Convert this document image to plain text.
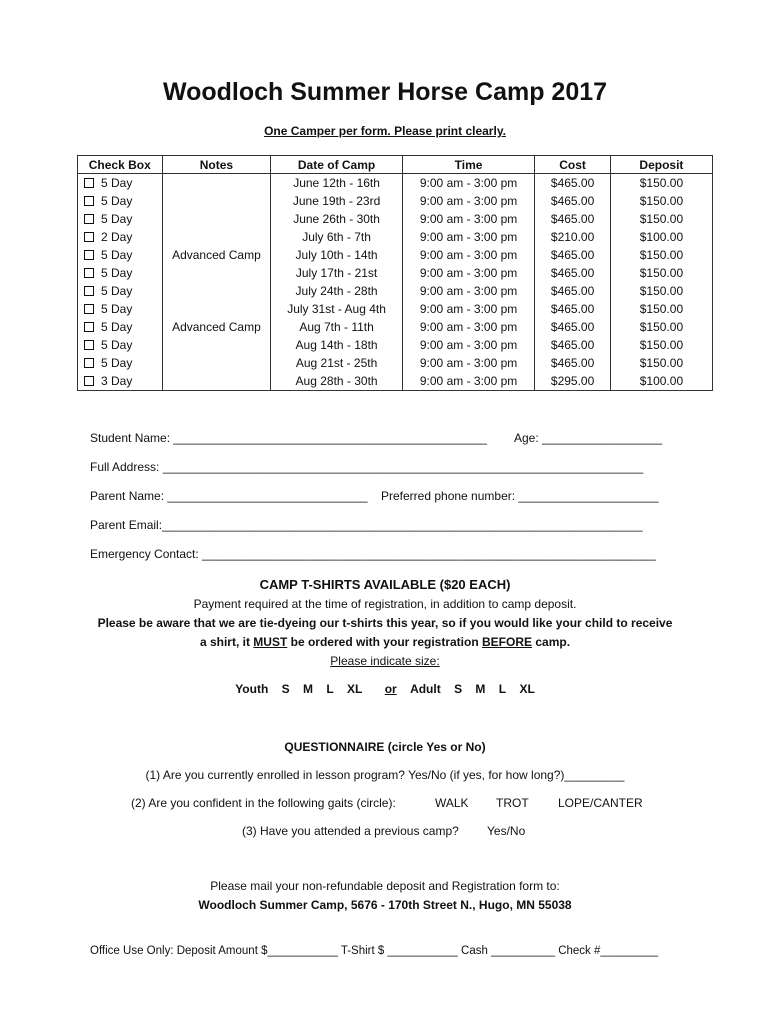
Woodloch Summer Horse Camp 2017
One Camper per form. Please print clearly.
Check Box	Notes	Date of Camp	Time	Cost	Deposit
5 Day		June 12th - 16th	9:00 am - 3:00 pm	$465.00	$150.00
5 Day		June 19th - 23rd	9:00 am - 3:00 pm	$465.00	$150.00
5 Day		June 26th - 30th	9:00 am - 3:00 pm	$465.00	$150.00
2 Day		July 6th - 7th	9:00 am - 3:00 pm	$210.00	$100.00
5 Day	Advanced Camp	July 10th - 14th	9:00 am - 3:00 pm	$465.00	$150.00
5 Day		July 17th - 21st	9:00 am - 3:00 pm	$465.00	$150.00
5 Day		July 24th - 28th	9:00 am - 3:00 pm	$465.00	$150.00
5 Day		July 31st - Aug 4th	9:00 am - 3:00 pm	$465.00	$150.00
5 Day	Advanced Camp	Aug 7th - 11th	9:00 am - 3:00 pm	$465.00	$150.00
5 Day		Aug 14th - 18th	9:00 am - 3:00 pm	$465.00	$150.00
5 Day		Aug 21st - 25th	9:00 am - 3:00 pm	$465.00	$150.00
3 Day		Aug 28th - 30th	9:00 am - 3:00 pm	$295.00	$100.00
Student Name: _______________________________________________ Age: __________________
Full Address: ________________________________________________________________________
Parent Name: ______________________________ Preferred phone number: _____________________
Parent Email:________________________________________________________________________
Emergency Contact: ____________________________________________________________________
CAMP T-SHIRTS AVAILABLE ($20 EACH)
Payment required at the time of registration, in addition to camp deposit.
Please be aware that we are tie-dyeing our t-shirts this year, so if you would like your child to receive
a shirt, it MUST be ordered with your registration BEFORE camp.
Please indicate size:
Youth S M L XL or Adult S M L XL
QUESTIONNAIRE (circle Yes or No)
(1) Are you currently enrolled in lesson program? Yes/No (if yes, for how long?)_________
(2) Are you confident in the following gaits (circle):	WALK TROT LOPE/CANTER
(3) Have you attended a previous camp? Yes/No
Please mail your non-refundable deposit and Registration form to:
Woodloch Summer Camp, 5676 - 170th Street N., Hugo, MN 55038
Office Use Only: Deposit Amount $___________ T-Shirt $ ___________ Cash __________ Check #_________
